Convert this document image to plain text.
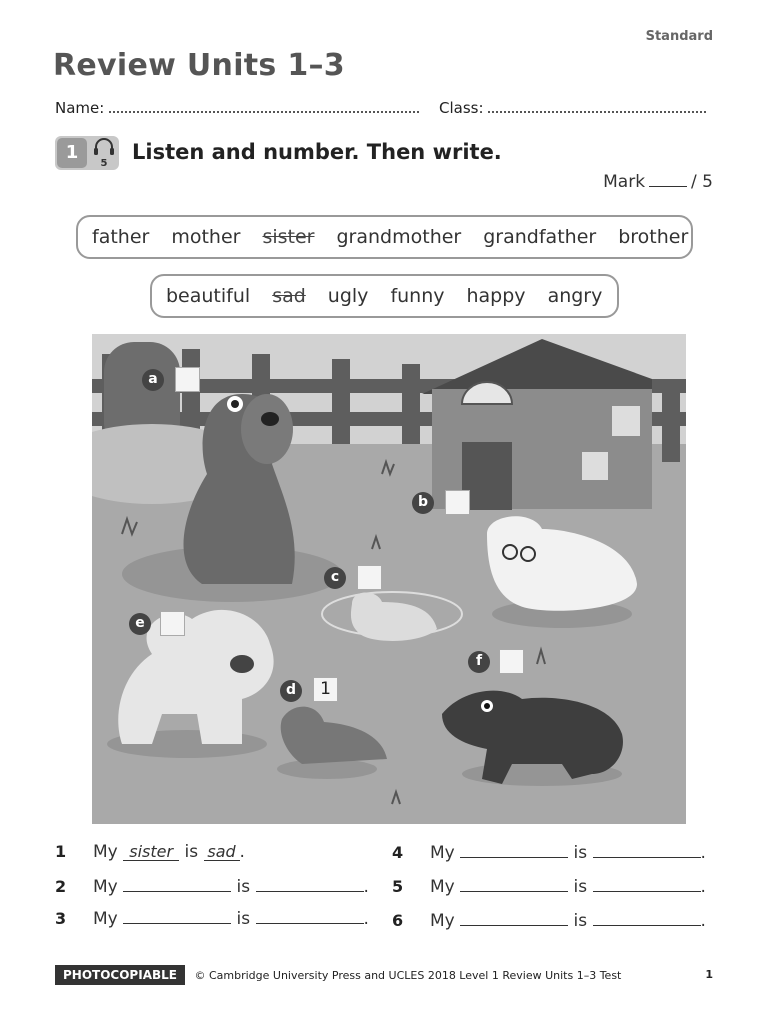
Standard
Review Units 1–3
Name:	Class:
1
5	Listen and number. Then write.
Mark	/ 5
father mother sister grandmother grandfather brother
beautiful sad ugly funny happy angry
a
b
c
d	1
e
f
1 My sister is sad .
2 My	is	.
3 My	is	.
4 My	is	.
5 My	is	.
6 My	is	.
PHOTOCOPIABLE © Cambridge University Press and UCLES 2018 Level 1 Review Units 1–3 Test	1
